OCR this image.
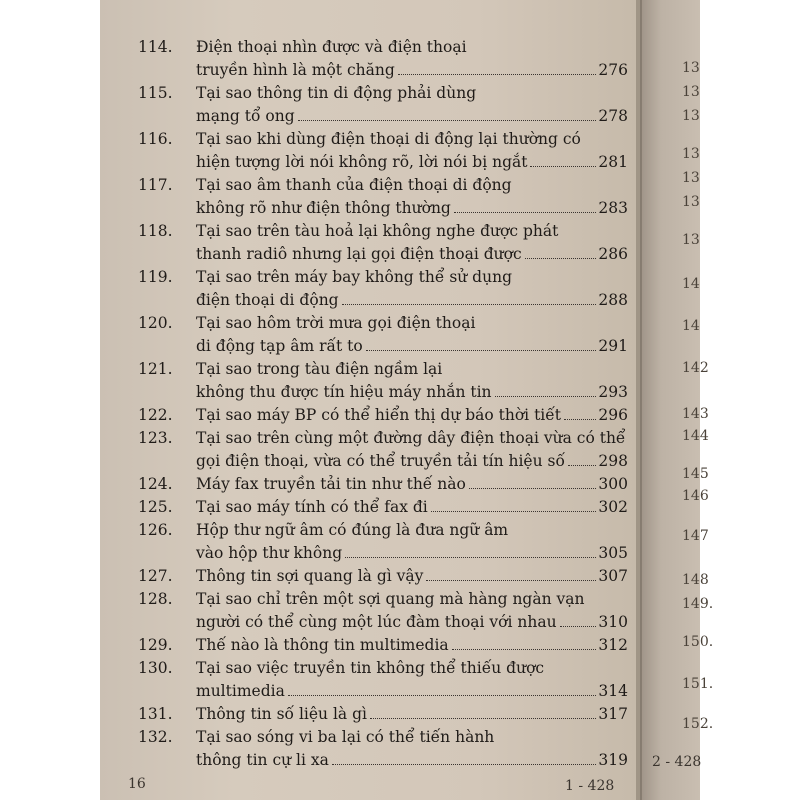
114.	Điện thoại nhìn được và điện thoại
truyền hình là một chăng	276
115.	Tại sao thông tin di động phải dùng
mạng tổ ong	278
116.	Tại sao khi dùng điện thoại di động lại thường có
hiện tượng lời nói không rõ, lời nói bị ngắt	281
117.	Tại sao âm thanh của điện thoại di động
không rõ như điện thông thường	283
118.	Tại sao trên tàu hoả lại không nghe được phát
thanh radiô nhưng lại gọi điện thoại được	286
119.	Tại sao trên máy bay không thể sử dụng
điện thoại di động	288
120.	Tại sao hôm trời mưa gọi điện thoại
di động tạp âm rất to	291
121.	Tại sao trong tàu điện ngầm lại
không thu được tín hiệu máy nhắn tin	293
122.	Tại sao máy BP có thể hiển thị dự báo thời tiết 296
123.	Tại sao trên cùng một đường dây điện thoại vừa có thể
gọi điện thoại, vừa có thể truyền tải tín hiệu số 298
124.	Máy fax truyền tải tin như thế nào	300
125.	Tại sao máy tính có thể fax đi	302
126.	Hộp thư ngữ âm có đúng là đưa ngữ âm
vào hộp thư không	305
127.	Thông tin sợi quang là gì vậy	307
128.	Tại sao chỉ trên một sợi quang mà hàng ngàn vạn
người có thể cùng một lúc đàm thoại với nhau	310
129.	Thế nào là thông tin multimedia	312
130.	Tại sao việc truyền tin không thể thiếu được
multimedia	314
131.	Thông tin số liệu là gì	317
132.	Tại sao sóng vi ba lại có thể tiến hành
thông tin cự li xa	319
13
13
13
13
13
13
13
14
14
142
143
144
145
146
147
148
149.
150.
151.
152.
16	1 - 428
2 - 428
